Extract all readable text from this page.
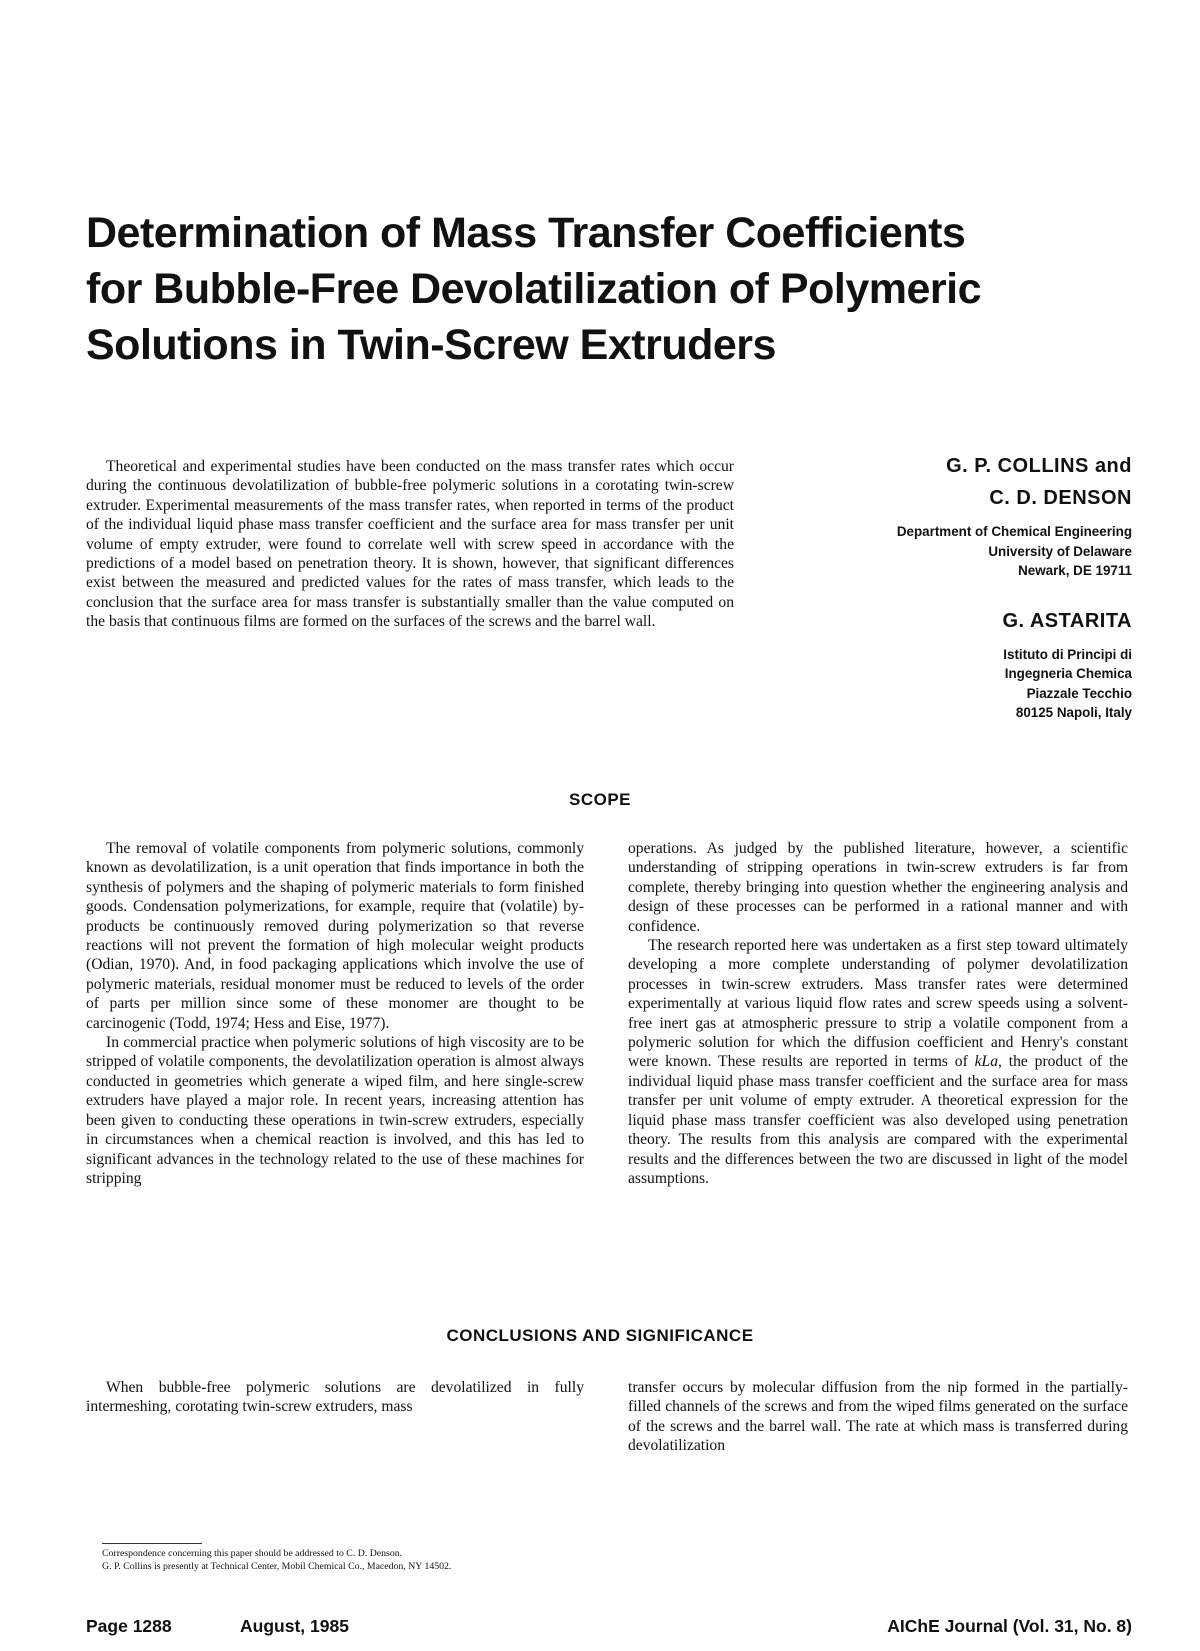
Determination of Mass Transfer Coefficients
for Bubble-Free Devolatilization of Polymeric
Solutions in Twin-Screw Extruders

Theoretical and experimental studies have been conducted on the mass transfer rates which occur during the continuous devolatilization of bubble-free polymeric solutions in a corotating twin-screw extruder. Experimental measurements of the mass transfer rates, when reported in terms of the product of the individual liquid phase mass transfer coefficient and the surface area for mass transfer per unit volume of empty extruder, were found to correlate well with screw speed in accordance with the predictions of a model based on penetration theory. It is shown, however, that significant differences exist between the measured and predicted values for the rates of mass transfer, which leads to the conclusion that the surface area for mass transfer is substantially smaller than the value computed on the basis that continuous films are formed on the surfaces of the screws and the barrel wall.

G. P. COLLINS and
C. D. DENSON
Department of Chemical Engineering
University of Delaware
Newark, DE 19711
G. ASTARITA
Istituto di Principi di
Ingegneria Chemica
Piazzale Tecchio
80125 Napoli, Italy
SCOPE

The removal of volatile components from polymeric solutions, commonly known as devolatilization, is a unit operation that finds importance in both the synthesis of polymers and the shaping of polymeric materials to form finished goods. Condensation polymerizations, for example, require that (volatile) by-products be continuously removed during polymerization so that reverse reactions will not prevent the formation of high molecular weight products (Odian, 1970). And, in food packaging applications which involve the use of polymeric materials, residual monomer must be reduced to levels of the order of parts per million since some of these monomer are thought to be carcinogenic (Todd, 1974; Hess and Eise, 1977).

In commercial practice when polymeric solutions of high viscosity are to be stripped of volatile components, the devolatilization operation is almost always conducted in geometries which generate a wiped film, and here single-screw extruders have played a major role. In recent years, increasing attention has been given to conducting these operations in twin-screw extruders, especially in circumstances when a chemical reaction is involved, and this has led to significant advances in the technology related to the use of these machines for stripping

operations. As judged by the published literature, however, a scientific understanding of stripping operations in twin-screw extruders is far from complete, thereby bringing into question whether the engineering analysis and design of these processes can be performed in a rational manner and with confidence.

The research reported here was undertaken as a first step toward ultimately developing a more complete understanding of polymer devolatilization processes in twin-screw extruders. Mass transfer rates were determined experimentally at various liquid flow rates and screw speeds using a solvent-free inert gas at atmospheric pressure to strip a volatile component from a polymeric solution for which the diffusion coefficient and Henry's constant were known. These results are reported in terms of kLa, the product of the individual liquid phase mass transfer coefficient and the surface area for mass transfer per unit volume of empty extruder. A theoretical expression for the liquid phase mass transfer coefficient was also developed using penetration theory. The results from this analysis are compared with the experimental results and the differences between the two are discussed in light of the model assumptions.

CONCLUSIONS AND SIGNIFICANCE

When bubble-free polymeric solutions are devolatilized in fully intermeshing, corotating twin-screw extruders, mass

transfer occurs by molecular diffusion from the nip formed in the partially-filled channels of the screws and from the wiped films generated on the surface of the screws and the barrel wall. The rate at which mass is transferred during devolatilization

Correspondence concerning this paper should be addressed to C. D. Denson.
G. P. Collins is presently at Technical Center, Mobil Chemical Co., Macedon, NY 14502.
Page 1288	August, 1985	AIChE Journal (Vol. 31, No. 8)
